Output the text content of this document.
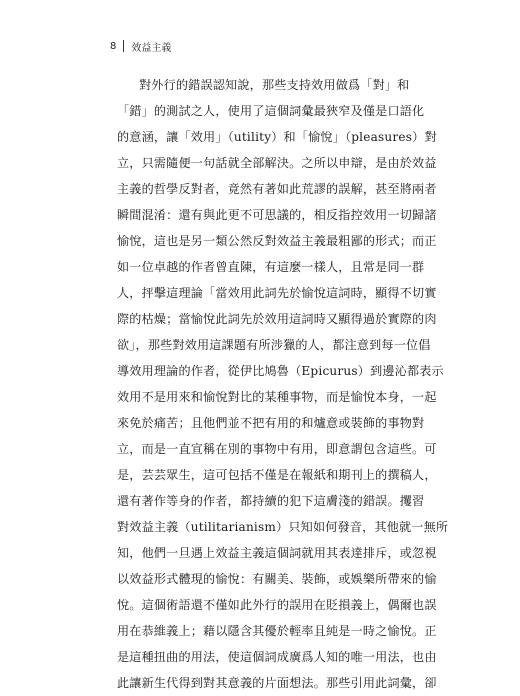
8 效益主義
對外行的錯誤認知說，那些支持效用做爲「對」和
「錯」的測試之人，使用了這個詞彙最狹窄及僅是口語化
的意涵，讓「效用」（utility）和「愉悅」（pleasures）對
立，只需隨便一句話就全部解決。之所以申辯，是由於效益
主義的哲學反對者，竟然有著如此荒謬的誤解，甚至將兩者
瞬間混淆：還有與此更不可思議的，相反指控效用一切歸諸
愉悅，這也是另一類公然反對效益主義最粗鄙的形式；而正
如一位卓越的作者曾直陳，有這麼一樣人，且常是同一群
人，抨擊這理論「當效用此詞先於愉悅這詞時，顯得不切實
際的枯燥；當愉悅此詞先於效用這詞時又顯得過於實際的肉
欲」，那些對效用這課題有所涉獵的人，都注意到每一位倡
導效用理論的作者，從伊比鳩魯（Epicurus）到邊沁都表示
效用不是用來和愉悅對比的某種事物，而是愉悅本身，一起
來免於痛苦；且他們並不把有用的和爐意或裝飾的事物對
立，而是一直宣稱在別的事物中有用，即意謂包含這些。可
是，芸芸眾生，這可包括不僅是在報紙和期刊上的撰稿人，
還有著作等身的作者，都持續的犯下這膚淺的錯誤。攫習
對效益主義（utilitarianism）只知如何發音，其他就一無所
知，他們一旦遇上效益主義這個詞就用其表達排斥，或忽視
以效益形式體現的愉悅：有關美、裝飾，或娛樂所帶來的愉
悅。這個術語還不僅如此外行的誤用在貶損義上，偶爾也誤
用在恭維義上；藉以隱含其優於輕率且純是一時之愉悅。正
是這種扭曲的用法，使這個詞成廣爲人知的唯一用法，也由
此讓新生代得到對其意義的片面想法。那些引用此詞彙，卻
